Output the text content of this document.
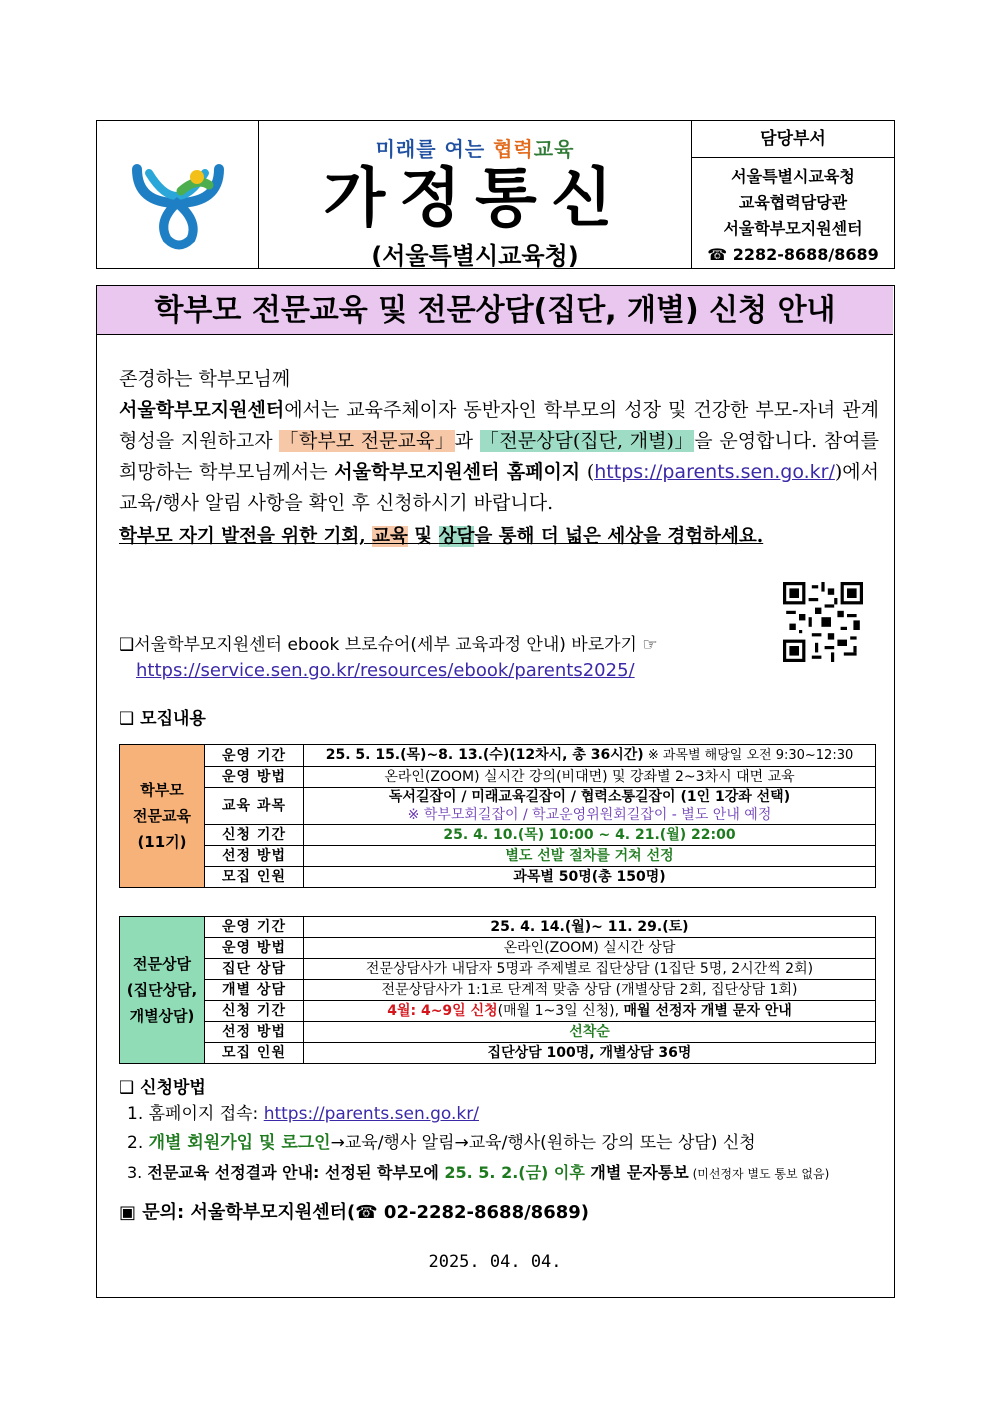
미래를 여는 협력교육
가정통신
(서울특별시교육청)
담당부서
서울특별시교육청
교육협력담당관
서울학부모지원센터
☎ 2282-8688/8689
학부모 전문교육 및 전문상담(집단, 개별) 신청 안내
존경하는 학부모님께
서울학부모지원센터에서는 교육주체이자 동반자인 학부모의 성장 및 건강한 부모-자녀 관계 형성을 지원하고자 「학부모 전문교육」과 「전문상담(집단, 개별)」을 운영합니다. 참여를 희망하는 학부모님께서는 서울학부모지원센터 홈페이지 (https://parents.sen.go.kr/)에서 교육/행사 알림 사항을 확인 후 신청하시기 바랍니다.
학부모 자기 발전을 위한 기회, 교육 및 상담을 통해 더 넓은 세상을 경험하세요.
❑서울학부모지원센터 ebook 브로슈어(세부 교육과정 안내) 바로가기 ☞
https://service.sen.go.kr/resources/ebook/parents2025/
❑ 모집내용
학부모
전문교육
(11기)	운영 기간	25. 5. 15.(목)~8. 13.(수)(12차시, 총 36시간) ※ 과목별 해당일 오전 9:30~12:30
	운영 방법	온라인(ZOOM) 실시간 강의(비대면) 및 강좌별 2~3차시 대면 교육
	교육 과목	독서길잡이 / 미래교육길잡이 / 협력소통길잡이 (1인 1강좌 선택)
		※ 학부모회길잡이 / 학교운영위원회길잡이 - 별도 안내 예정
	신청 기간	25. 4. 10.(목) 10:00 ~ 4. 21.(월) 22:00
	선정 방법	별도 선발 절차를 거쳐 선정
	모집 인원	과목별 50명(총 150명)
전문상담
(집단상담,
개별상담)	운영 기간	25. 4. 14.(월)~ 11. 29.(토)
	운영 방법	온라인(ZOOM) 실시간 상담
	집단 상담	전문상담사가 내담자 5명과 주제별로 집단상담 (1집단 5명, 2시간씩 2회)
	개별 상담	전문상담사가 1:1로 단계적 맞춤 상담 (개별상담 2회, 집단상담 1회)
	신청 기간	4월: 4~9일 신청(매월 1~3일 신청), 매월 선정자 개별 문자 안내
	선정 방법	선착순
	모집 인원	집단상담 100명, 개별상담 36명
❑ 신청방법
1. 홈페이지 접속: https://parents.sen.go.kr/
2. 개별 회원가입 및 로그인→교육/행사 알림→교육/행사(원하는 강의 또는 상담) 신청
3. 전문교육 선정결과 안내: 선정된 학부모에 25. 5. 2.(금) 이후 개별 문자통보 (미선정자 별도 통보 없음)
▣ 문의: 서울학부모지원센터(☎ 02-2282-8688/8689)
2025. 04. 04.
